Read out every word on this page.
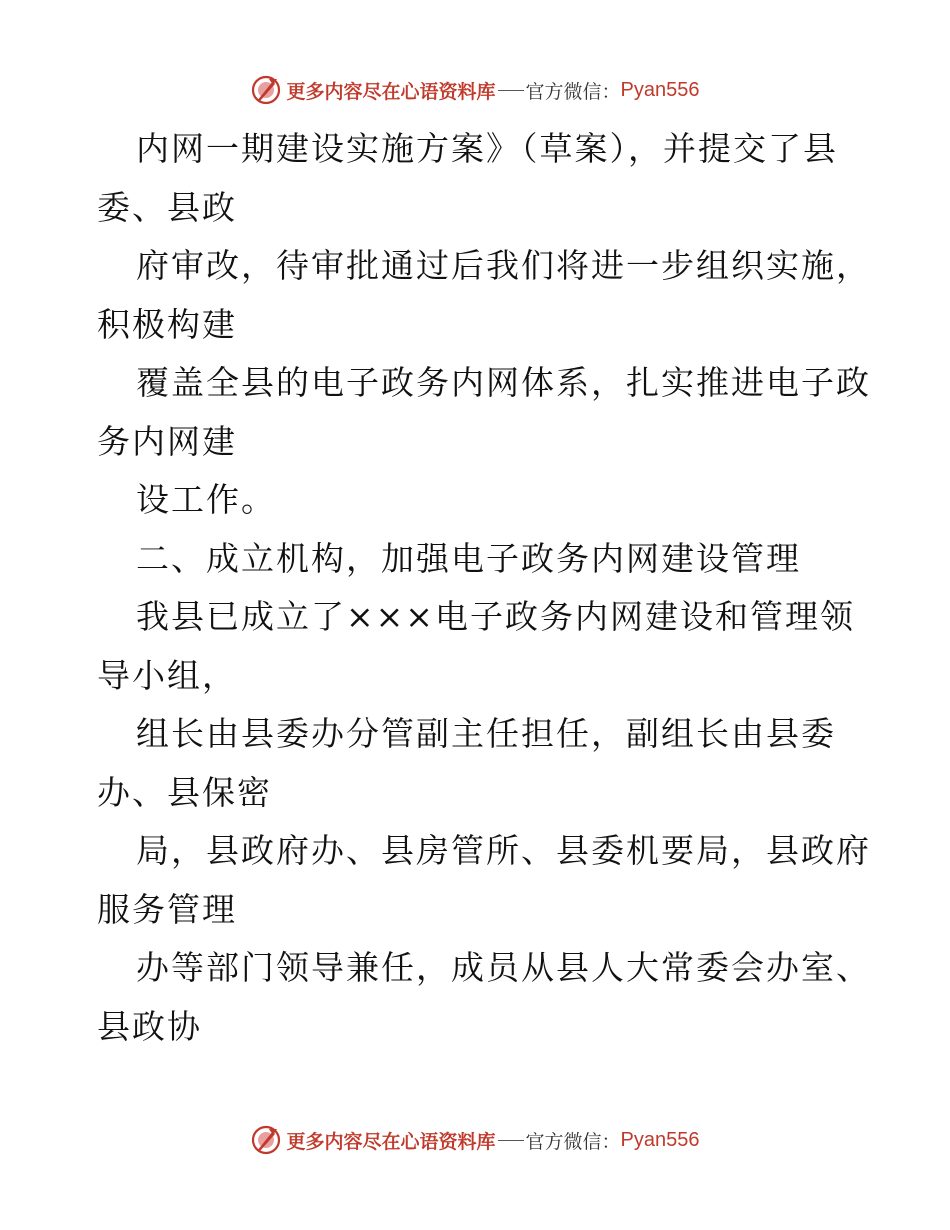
更多内容尽在心语资料库 官方微信： Pyan556
内网一期建设实施方案》（草案），并提交了县
委、县政
府审改，待审批通过后我们将进一步组织实施，
积极构建
覆盖全县的电子政务内网体系，扎实推进电子政
务内网建
设工作。
二、成立机构，加强电子政务内网建设管理
我县已成立了×××电子政务内网建设和管理领
导小组，
组长由县委办分管副主任担任，副组长由县委
办、县保密
局，县政府办、县房管所、县委机要局，县政府
服务管理
办等部门领导兼任，成员从县人大常委会办室、
县政协
更多内容尽在心语资料库 官方微信： Pyan556
